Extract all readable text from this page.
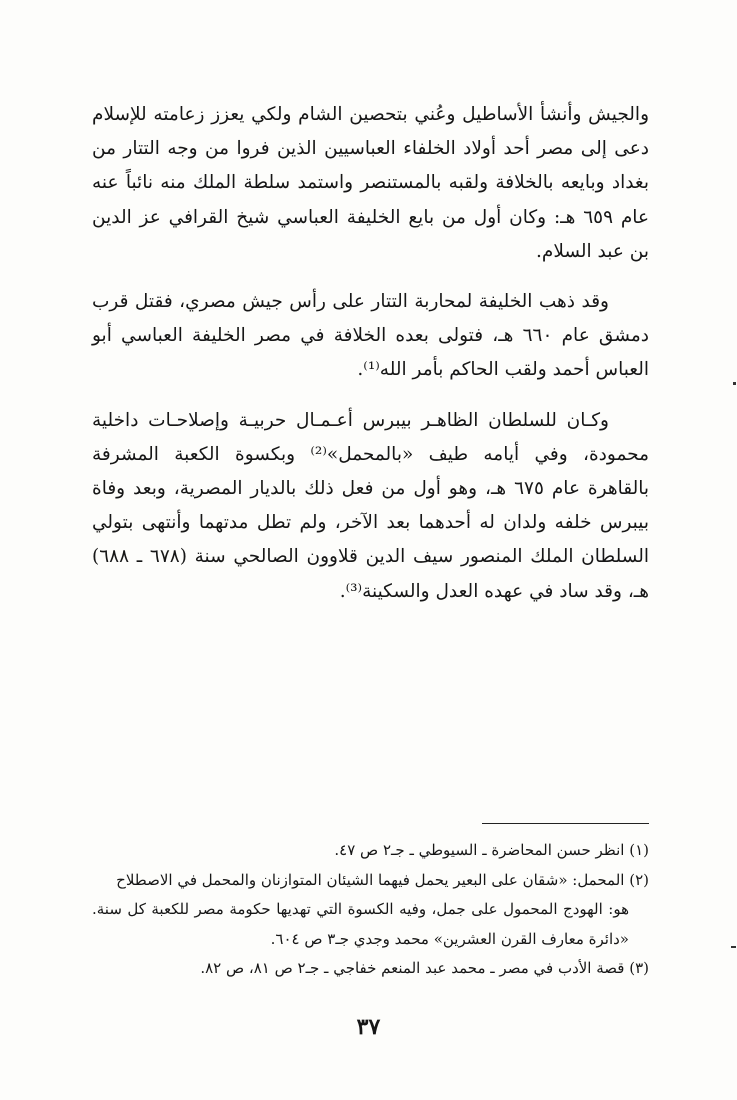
والجيش وأنشأ الأساطيل وعُني بتحصين الشام ولكي يعزز زعامته للإسلام دعى إلى مصر أحد أولاد الخلفاء العباسيين الذين فروا من وجه التتار من بغداد وبايعه بالخلافة ولقبه بالمستنصر واستمد سلطة الملك منه نائباً عنه عام ٦٥٩ هـ: وكان أول من بايع الخليفة العباسي شيخ القرافي عز الدين بن عبد السلام.

وقد ذهب الخليفة لمحاربة التتار على رأس جيش مصري، فقتل قرب دمشق عام ٦٦٠ هـ، فتولى بعده الخلافة في مصر الخليفة العباسي أبو العباس أحمد ولقب الحاكم بأمر الله⁽¹⁾.

وكـان للسلطان الظاهـر بيبرس أعـمـال حربيـة وإصلاحـات داخلية محمودة، وفي أيامه طيف «بالمحمل»⁽²⁾ وبكسوة الكعبة المشرفة بالقاهرة عام ٦٧٥ هـ، وهو أول من فعل ذلك بالديار المصرية، وبعد وفاة بيبرس خلفه ولدان له أحدهما بعد الآخر، ولم تطل مدتهما وأنتهى بتولي السلطان الملك المنصور سيف الدين قلاوون الصالحي سنة (٦٧٨ ـ ٦٨٨) هـ، وقد ساد في عهده العدل والسكينة⁽³⁾.

(١) انظر حسن المحاضرة ـ السيوطي ـ جـ٢ ص ٤٧.

(٢) المحمل: «شقان على البعير يحمل فيهما الشيئان المتوازنان والمحمل في الاصطلاح

هو: الهودج المحمول على جمل، وفيه الكسوة التي تهديها حكومة مصر للكعبة كل سنة. «دائرة معارف القرن العشرين» محمد وجدي جـ٣ ص ٦٠٤.

(٣) قصة الأدب في مصر ـ محمد عبد المنعم خفاجي ـ جـ٢ ص ٨١، ص ٨٢.

٣٧
